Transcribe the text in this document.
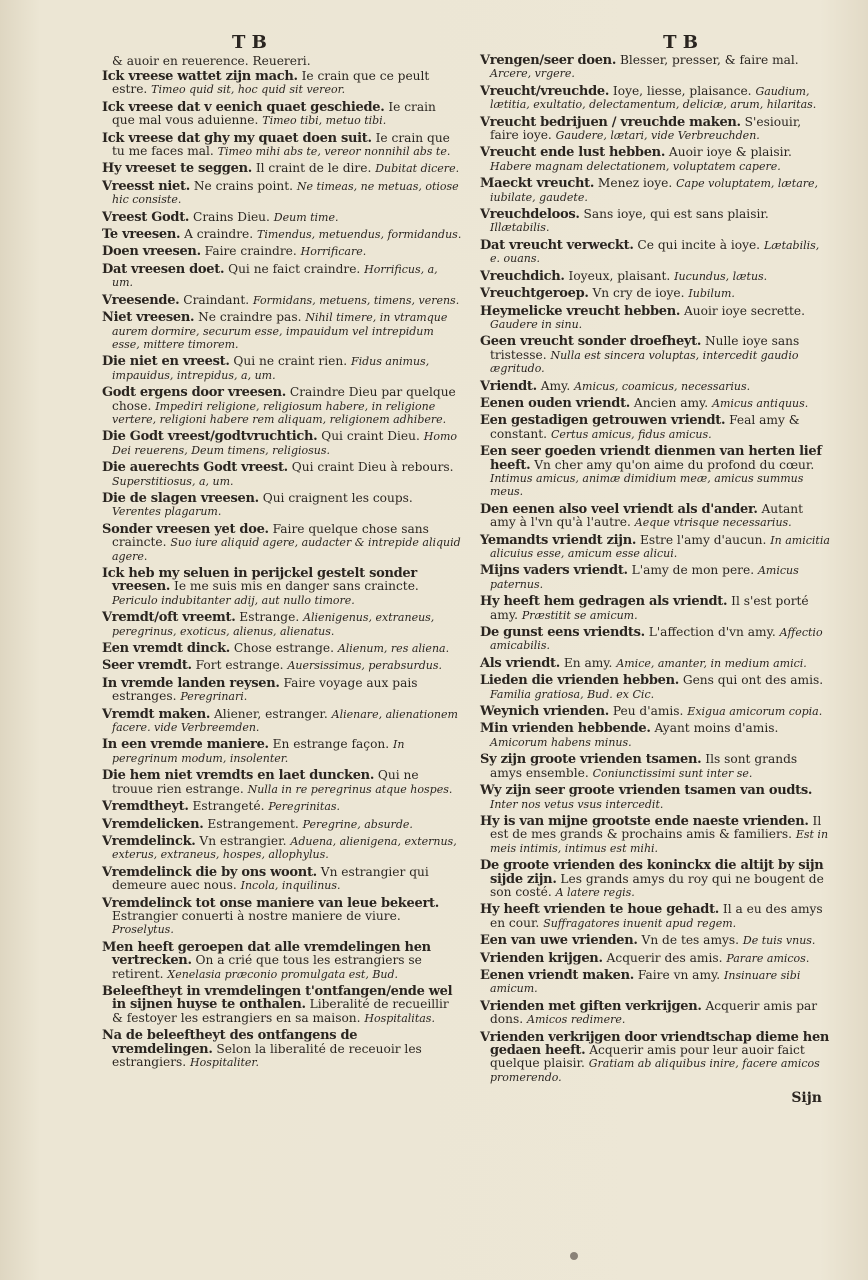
T B	T B
& auoir en reuerence. Reuereri.
Ick vreese wattet zijn mach. Ie crain que ce peult estre. Timeo quid sit, hoc quid sit vereor.
Ick vreese dat v eenich quaet geschiede. Ie crain que mal vous aduienne. Timeo tibi, metuo tibi.
Ick vreese dat ghy my quaet doen suit. Ie crain que tu me faces mal. Timeo mihi abs te, vereor nonnihil abs te.
Hy vreeset te seggen. Il craint de le dire. Dubitat dicere.
Vreesst niet. Ne crains point. Ne timeas, ne metuas, otiose hic consiste.
Vreest Godt. Crains Dieu. Deum time.
Te vreesen. A craindre. Timendus, metuendus, formidandus.
Doen vreesen. Faire craindre. Horrificare.
Dat vreesen doet. Qui ne faict craindre. Horrificus, a, um.
Vreesende. Craindant. Formidans, metuens, timens, verens.
Niet vreesen. Ne craindre pas. Nihil timere, in vtramque aurem dormire, securum esse, impauidum vel intrepidum esse, mittere timorem.
Die niet en vreest. Qui ne craint rien. Fidus animus, impauidus, intrepidus, a, um.
Godt ergens door vreesen. Craindre Dieu par quelque chose. Impediri religione, religiosum habere, in religione vertere, religioni habere rem aliquam, religionem adhibere.
Die Godt vreest/godtvruchtich. Qui craint Dieu. Homo Dei reuerens, Deum timens, religiosus.
Die auerechts Godt vreest. Qui craint Dieu à rebours. Superstitiosus, a, um.
Die de slagen vreesen. Qui craignent les coups. Verentes plagarum.
Sonder vreesen yet doe. Faire quelque chose sans craincte. Suo iure aliquid agere, audacter & intrepide aliquid agere.
Ick heb my seluen in perijckel gestelt sonder vreesen. Ie me suis mis en danger sans craincte. Periculo indubitanter adij, aut nullo timore.
Vremdt/oft vreemt. Estrange. Alienigenus, extraneus, peregrinus, exoticus, alienus, alienatus.
Een vremdt dinck. Chose estrange. Alienum, res aliena.
Seer vremdt. Fort estrange. Auersissimus, perabsurdus.
In vremde landen reysen. Faire voyage aux pais estranges. Peregrinari.
Vremdt maken. Aliener, estranger. Alienare, alienationem facere. vide Verbreemden.
In een vremde maniere. En estrange façon. In peregrinum modum, insolenter.
Die hem niet vremdts en laet duncken. Qui ne trouue rien estrange. Nulla in re peregrinus atque hospes.
Vremdtheyt. Estrangeté. Peregrinitas.
Vremdelicken. Estrangement. Peregrine, absurde.
Vremdelinck. Vn estrangier. Aduena, alienigena, externus, exterus, extraneus, hospes, allophylus.
Vremdelinck die by ons woont. Vn estrangier qui demeure auec nous. Incola, inquilinus.
Vremdelinck tot onse maniere van leue bekeert. Estrangier conuerti à nostre maniere de viure. Proselytus.
Men heeft geroepen dat alle vremdelingen hen vertrecken. On a crié que tous les estrangiers se retirent. Xenelasia præconio promulgata est, Bud.
Beleeftheyt in vremdelingen t'ontfangen/ende wel in sijnen huyse te onthalen. Liberalité de recueillir & festoyer les estrangiers en sa maison. Hospitalitas.
Na de beleeftheyt des ontfangens de vremdelingen. Selon la liberalité de receuoir les estrangiers. Hospitaliter.
Vrengen/seer doen. Blesser, presser, & faire mal. Arcere, vrgere.
Vreucht/vreuchde. Ioye, liesse, plaisance. Gaudium, lætitia, exultatio, delectamentum, deliciæ, arum, hilaritas.
Vreucht bedrijuen / vreuchde maken. S'esiouir, faire ioye. Gaudere, lætari, vide Verbreuchden.
Vreucht ende lust hebben. Auoir ioye & plaisir. Habere magnam delectationem, voluptatem capere.
Maeckt vreucht. Menez ioye. Cape voluptatem, lætare, iubilate, gaudete.
Vreuchdeloos. Sans ioye, qui est sans plaisir. Illætabilis.
Dat vreucht verweckt. Ce qui incite à ioye. Lætabilis, e. ouans.
Vreuchdich. Ioyeux, plaisant. Iucundus, lætus.
Vreuchtgeroep. Vn cry de ioye. Iubilum.
Heymelicke vreucht hebben. Auoir ioye secrette. Gaudere in sinu.
Geen vreucht sonder droefheyt. Nulle ioye sans tristesse. Nulla est sincera voluptas, intercedit gaudio ægritudo.
Vriendt. Amy. Amicus, coamicus, necessarius.
Eenen ouden vriendt. Ancien amy. Amicus antiquus.
Een gestadigen getrouwen vriendt. Feal amy & constant. Certus amicus, fidus amicus.
Een seer goeden vriendt dienmen van herten lief heeft. Vn cher amy qu'on aime du profond du cœur. Intimus amicus, animæ dimidium meæ, amicus summus meus.
Den eenen also veel vriendt als d'ander. Autant amy à l'vn qu'à l'autre. Aeque vtrisque necessarius.
Yemandts vriendt zijn. Estre l'amy d'aucun. In amicitia alicuius esse, amicum esse alicui.
Mijns vaders vriendt. L'amy de mon pere. Amicus paternus.
Hy heeft hem gedragen als vriendt. Il s'est porté amy. Præstitit se amicum.
De gunst eens vriendts. L'affection d'vn amy. Affectio amicabilis.
Als vriendt. En amy. Amice, amanter, in medium amici.
Lieden die vrienden hebben. Gens qui ont des amis. Familia gratiosa, Bud. ex Cic.
Weynich vrienden. Peu d'amis. Exigua amicorum copia.
Min vrienden hebbende. Ayant moins d'amis. Amicorum habens minus.
Sy zijn groote vrienden tsamen. Ils sont grands amys ensemble. Coniunctissimi sunt inter se.
Wy zijn seer groote vrienden tsamen van oudts. Inter nos vetus vsus intercedit.
Hy is van mijne grootste ende naeste vrienden. Il est de mes grands & prochains amis & familiers. Est in meis intimis, intimus est mihi.
De groote vrienden des koninckx die altijt by sijn sijde zijn. Les grands amys du roy qui ne bougent de son costé. A latere regis.
Hy heeft vrienden te houe gehadt. Il a eu des amys en cour. Suffragatores inuenit apud regem.
Een van uwe vrienden. Vn de tes amys. De tuis vnus.
Vrienden krijgen. Acquerir des amis. Parare amicos.
Eenen vriendt maken. Faire vn amy. Insinuare sibi amicum.
Vrienden met giften verkrijgen. Acquerir amis par dons. Amicos redimere.
Vrienden verkrijgen door vriendtschap dieme hen gedaen heeft. Acquerir amis pour leur auoir faict quelque plaisir. Gratiam ab aliquibus inire, facere amicos promerendo.
Sijn
